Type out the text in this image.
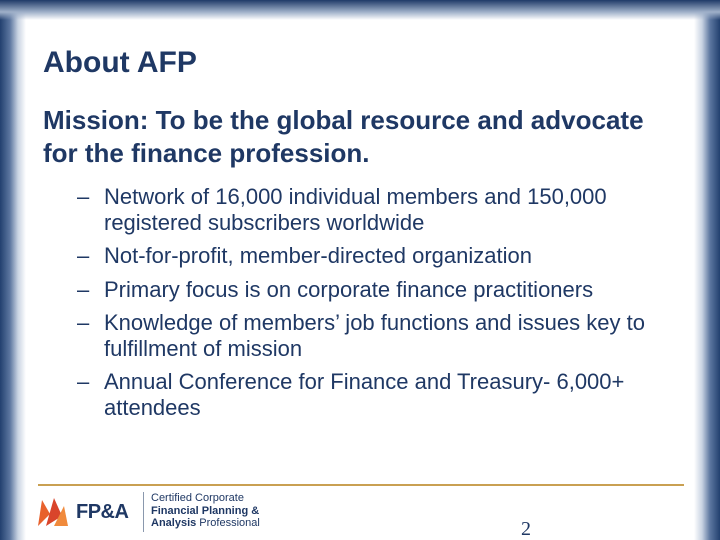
About AFP

Mission: To be the global resource and advocate for the finance profession.

– Network of 16,000 individual members and 150,000 registered subscribers worldwide
– Not-for-profit, member-directed organization
– Primary focus is on corporate finance practitioners
– Knowledge of members’ job functions and issues key to fulfillment of mission
– Annual Conference for Finance and Treasury- 6,000+ attendees
FP&A
Certified Corporate
Financial Planning &
Analysis Professional	2
